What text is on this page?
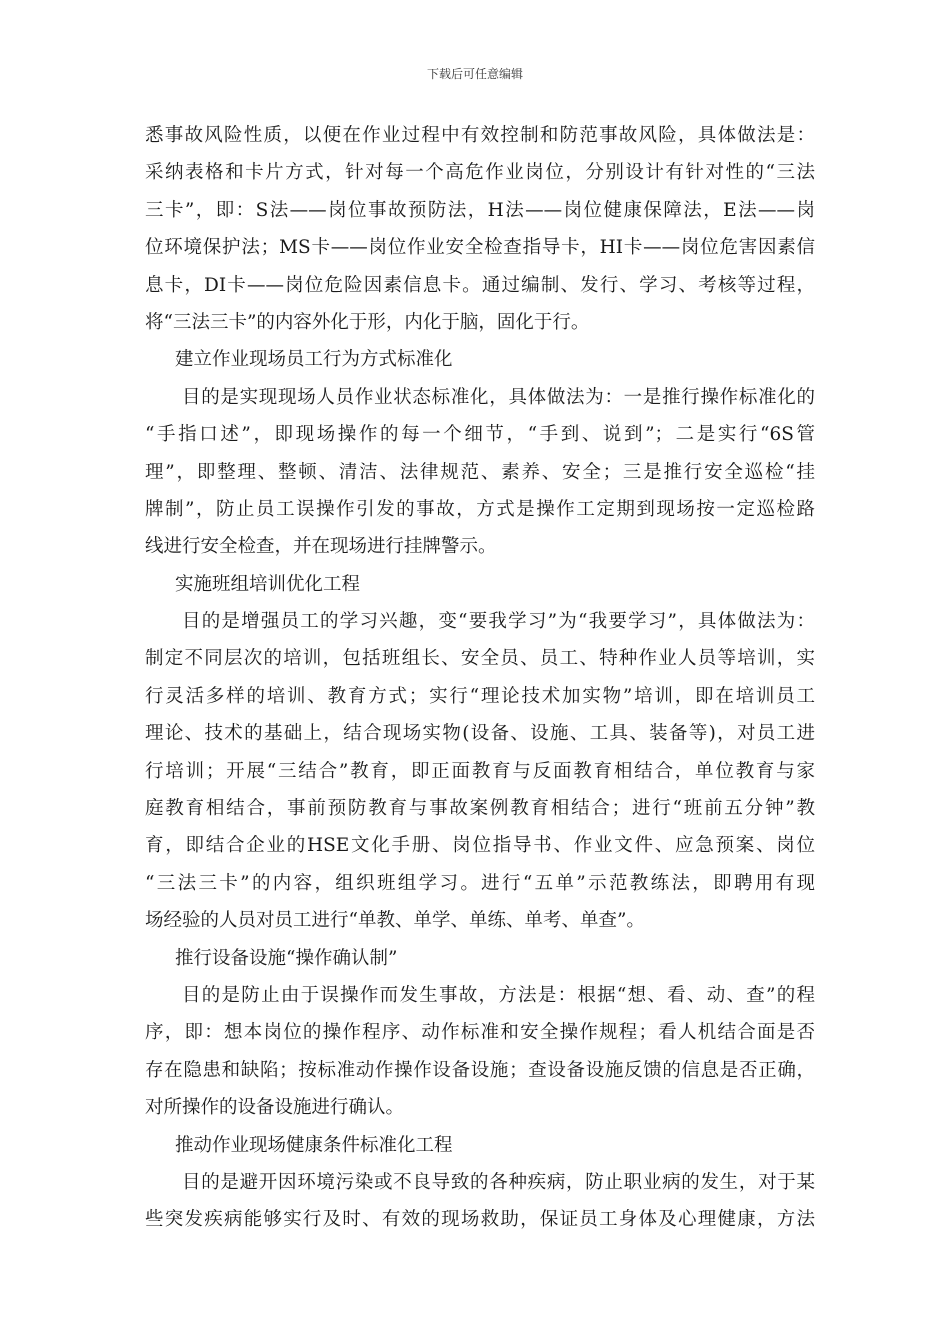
下载后可任意编辑
悉事故风险性质，以便在作业过程中有效控制和防范事故风险，具体做法是：
采纳表格和卡片方式，针对每一个高危作业岗位，分别设计有针对性的“三法
三卡”，即：S法——岗位事故预防法，H法——岗位健康保障法，E法——岗
位环境保护法；MS卡——岗位作业安全检查指导卡，HI卡——岗位危害因素信
息卡，DI卡——岗位危险因素信息卡。通过编制、发行、学习、考核等过程，
将“三法三卡”的内容外化于形，内化于脑，固化于行。
建立作业现场员工行为方式标准化
目的是实现现场人员作业状态标准化，具体做法为：一是推行操作标准化的
“手指口述”，即现场操作的每一个细节，“手到、说到”；二是实行“6S管
理”，即整理、整顿、清洁、法律规范、素养、安全；三是推行安全巡检“挂
牌制”，防止员工误操作引发的事故，方式是操作工定期到现场按一定巡检路
线进行安全检查，并在现场进行挂牌警示。
实施班组培训优化工程
目的是增强员工的学习兴趣，变“要我学习”为“我要学习”，具体做法为：
制定不同层次的培训，包括班组长、安全员、员工、特种作业人员等培训，实
行灵活多样的培训、教育方式；实行“理论技术加实物”培训，即在培训员工
理论、技术的基础上，结合现场实物(设备、设施、工具、装备等)，对员工进
行培训；开展“三结合”教育，即正面教育与反面教育相结合，单位教育与家
庭教育相结合，事前预防教育与事故案例教育相结合；进行“班前五分钟”教
育，即结合企业的HSE文化手册、岗位指导书、作业文件、应急预案、岗位
“三法三卡”的内容，组织班组学习。进行“五单”示范教练法，即聘用有现
场经验的人员对员工进行“单教、单学、单练、单考、单查”。
推行设备设施“操作确认制”
目的是防止由于误操作而发生事故，方法是：根据“想、看、动、查”的程
序，即：想本岗位的操作程序、动作标准和安全操作规程；看人机结合面是否
存在隐患和缺陷；按标准动作操作设备设施；查设备设施反馈的信息是否正确，
对所操作的设备设施进行确认。
推动作业现场健康条件标准化工程
目的是避开因环境污染或不良导致的各种疾病，防止职业病的发生，对于某
些突发疾病能够实行及时、有效的现场救助，保证员工身体及心理健康，方法
